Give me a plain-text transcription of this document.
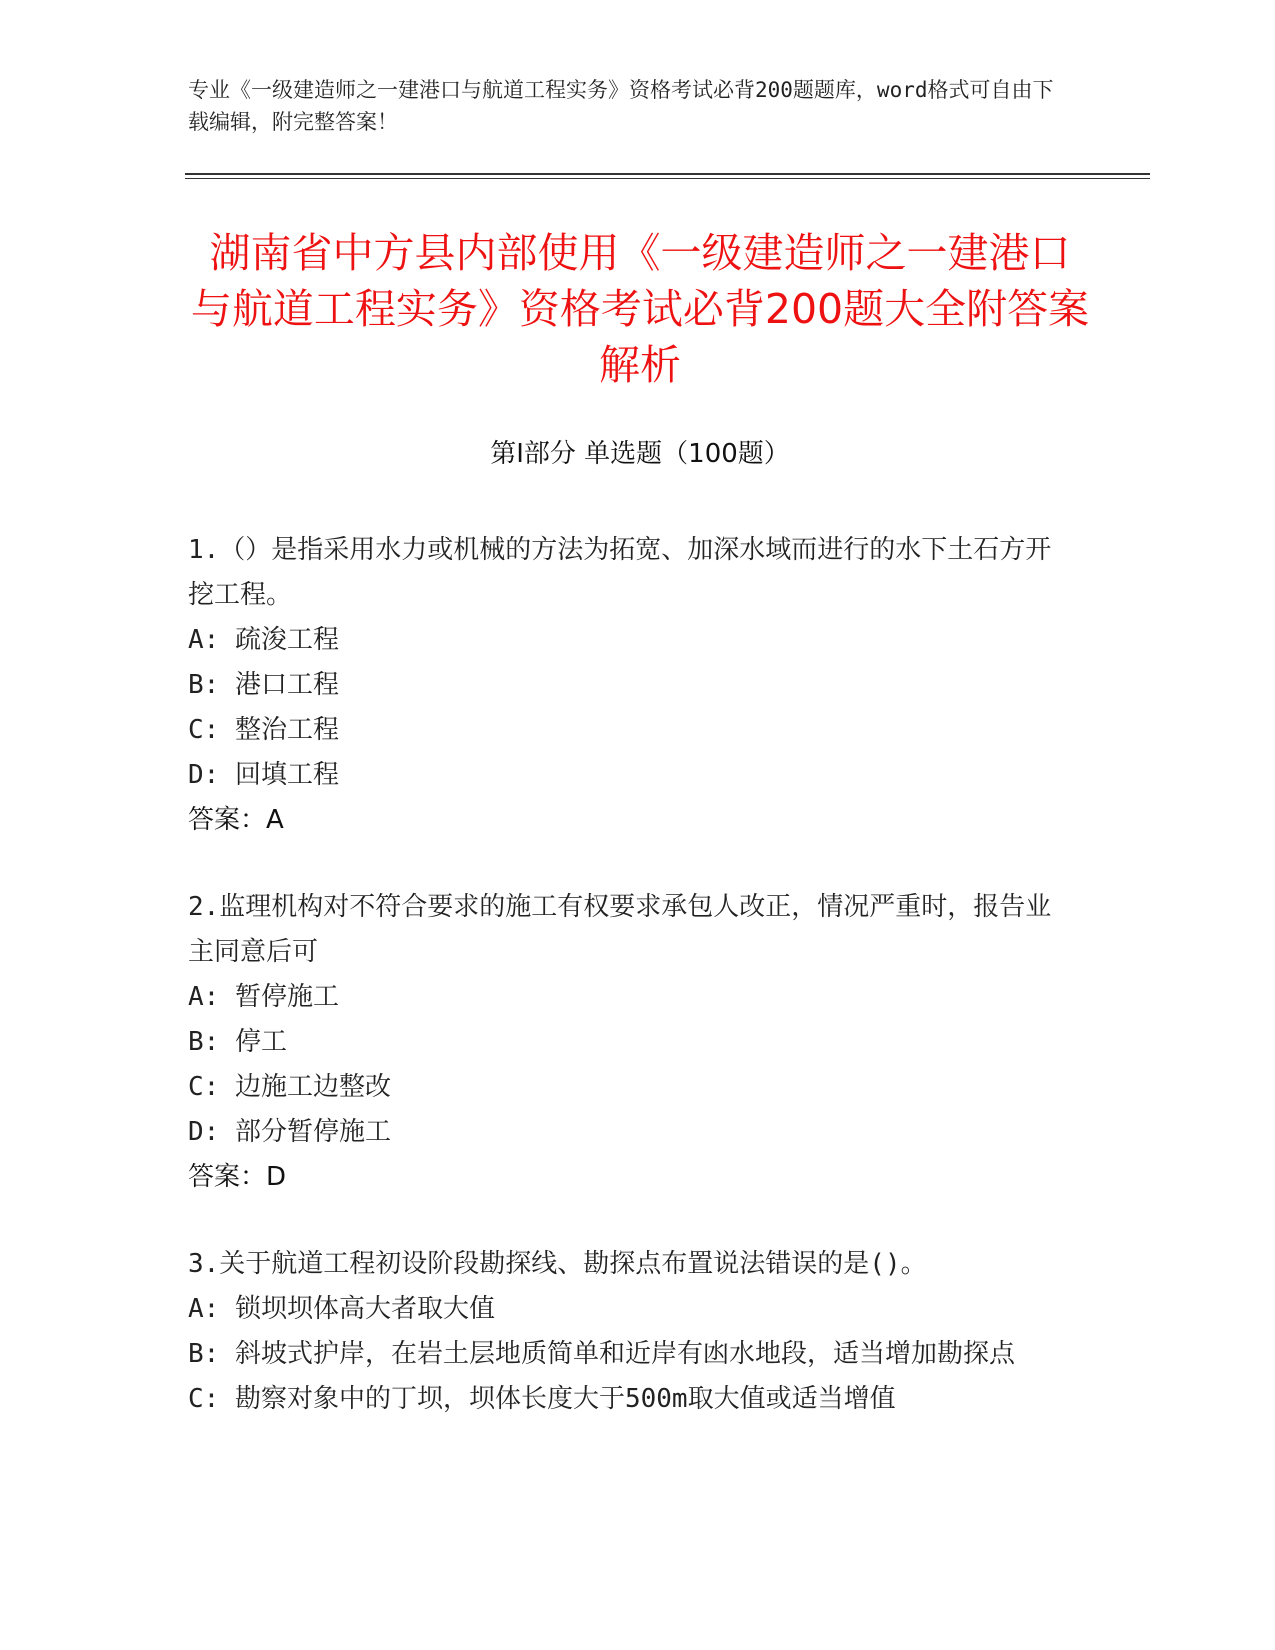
专业《一级建造师之一建港口与航道工程实务》资格考试必背200题题库，word格式可自由下载编辑，附完整答案！
湖南省中方县内部使用《一级建造师之一建港口与航道工程实务》资格考试必背200题大全附答案解析
第Ⅰ部分 单选题（100题）

1.（）是指采用水力或机械的方法为拓宽、加深水域而进行的水下土石方开挖工程。

A: 疏浚工程

B: 港口工程

C: 整治工程

D: 回填工程

答案：A

2.监理机构对不符合要求的施工有权要求承包人改正，情况严重时，报告业主同意后可

A: 暂停施工

B: 停工

C: 边施工边整改

D: 部分暂停施工

答案：D

3.关于航道工程初设阶段勘探线、勘探点布置说法错误的是()。

A: 锁坝坝体高大者取大值

B: 斜坡式护岸，在岩土层地质简单和近岸有凼水地段，适当增加勘探点

C: 勘察对象中的丁坝，坝体长度大于500m取大值或适当增值
